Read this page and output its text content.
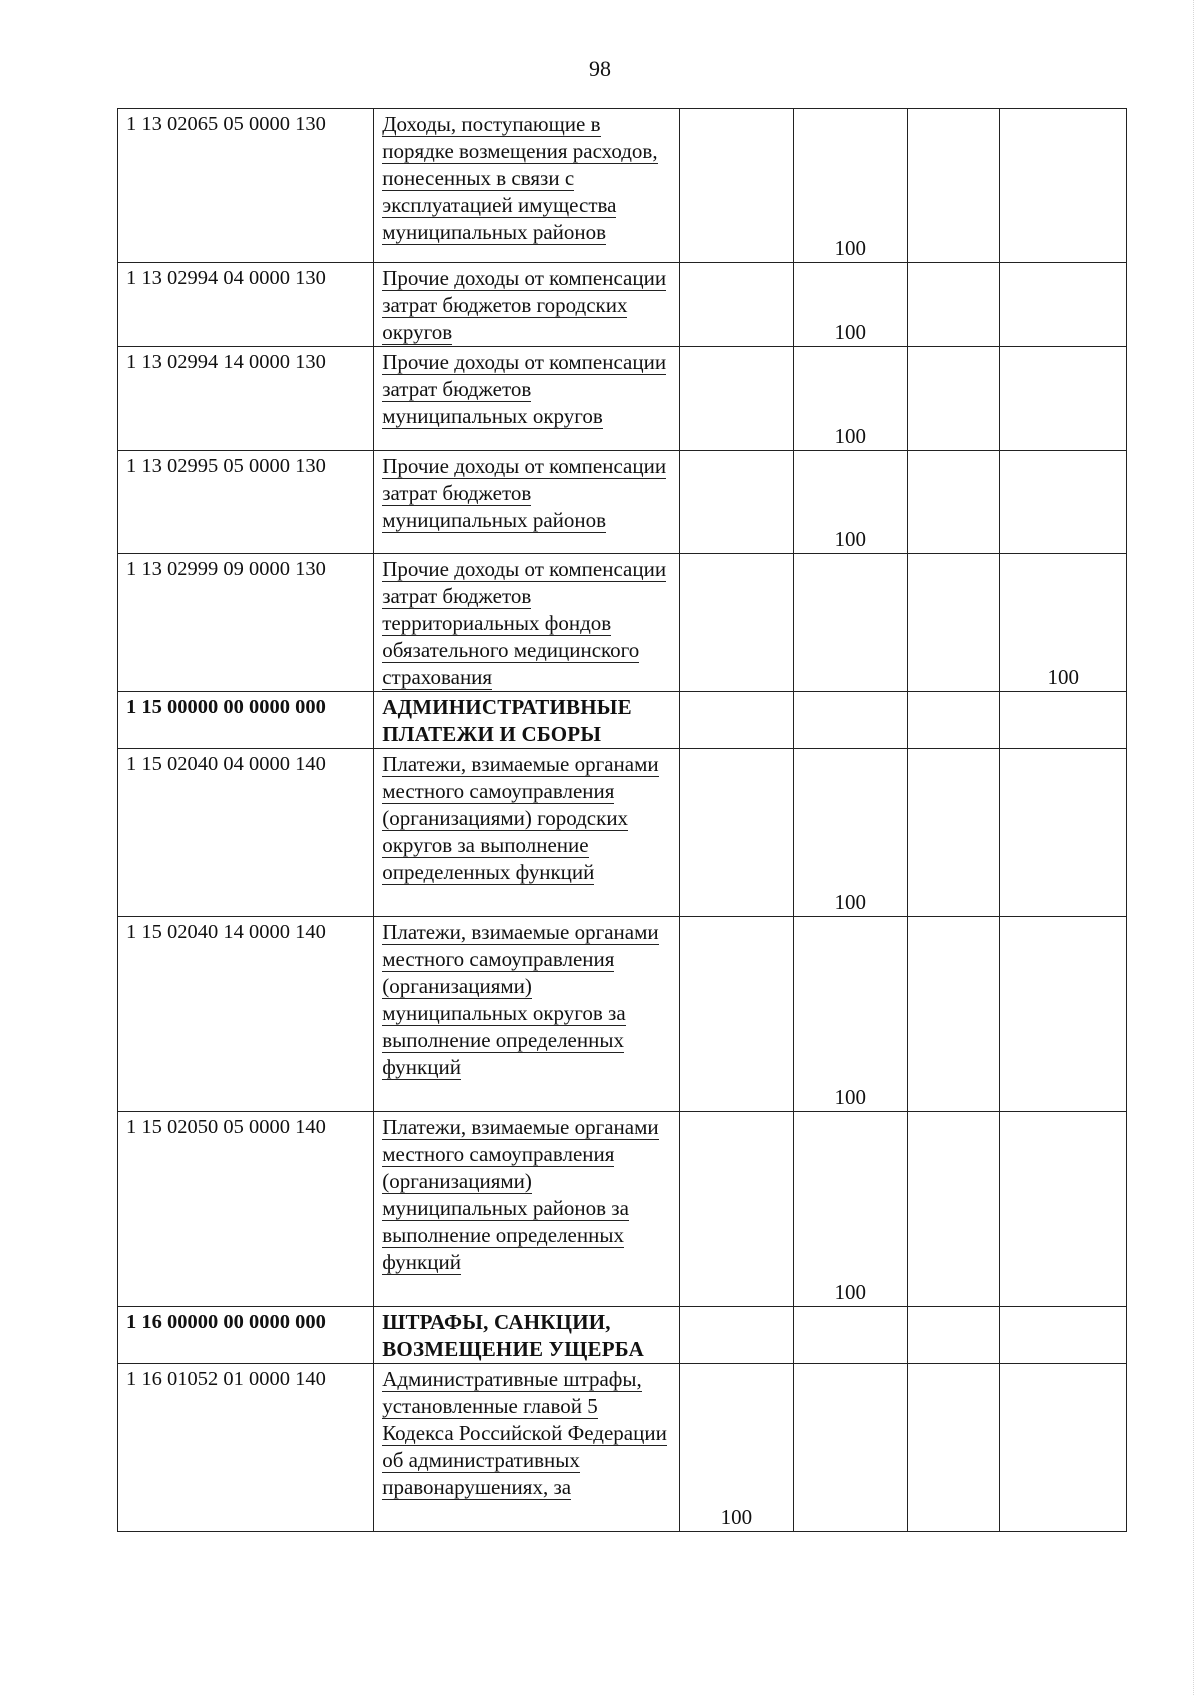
98
1 13 02065 05 0000 130	Доходы, поступающие в порядке возмещения расходов, понесенных в связи с эксплуатацией имущества муниципальных районов		100		
1 13 02994 04 0000 130	Прочие доходы от компенсации затрат бюджетов городских округов		100		
1 13 02994 14 0000 130	Прочие доходы от компенсации затрат бюджетов муниципальных округов		100		
1 13 02995 05 0000 130	Прочие доходы от компенсации затрат бюджетов муниципальных районов		100		
1 13 02999 09 0000 130	Прочие доходы от компенсации затрат бюджетов территориальных фондов обязательного медицинского страхования				100
1 15 00000 00 0000 000	АДМИНИСТРАТИВНЫЕ ПЛАТЕЖИ И СБОРЫ				
1 15 02040 04 0000 140	Платежи, взимаемые органами местного самоуправления (организациями) городских округов за выполнение определенных функций		100		
1 15 02040 14 0000 140	Платежи, взимаемые органами местного самоуправления (организациями) муниципальных округов за выполнение определенных функций		100		
1 15 02050 05 0000 140	Платежи, взимаемые органами местного самоуправления (организациями) муниципальных районов за выполнение определенных функций		100		
1 16 00000 00 0000 000	ШТРАФЫ, САНКЦИИ, ВОЗМЕЩЕНИЕ УЩЕРБА				
1 16 01052 01 0000 140	Административные штрафы, установленные главой 5 Кодекса Российской Федерации об административных правонарушениях, за	100			
